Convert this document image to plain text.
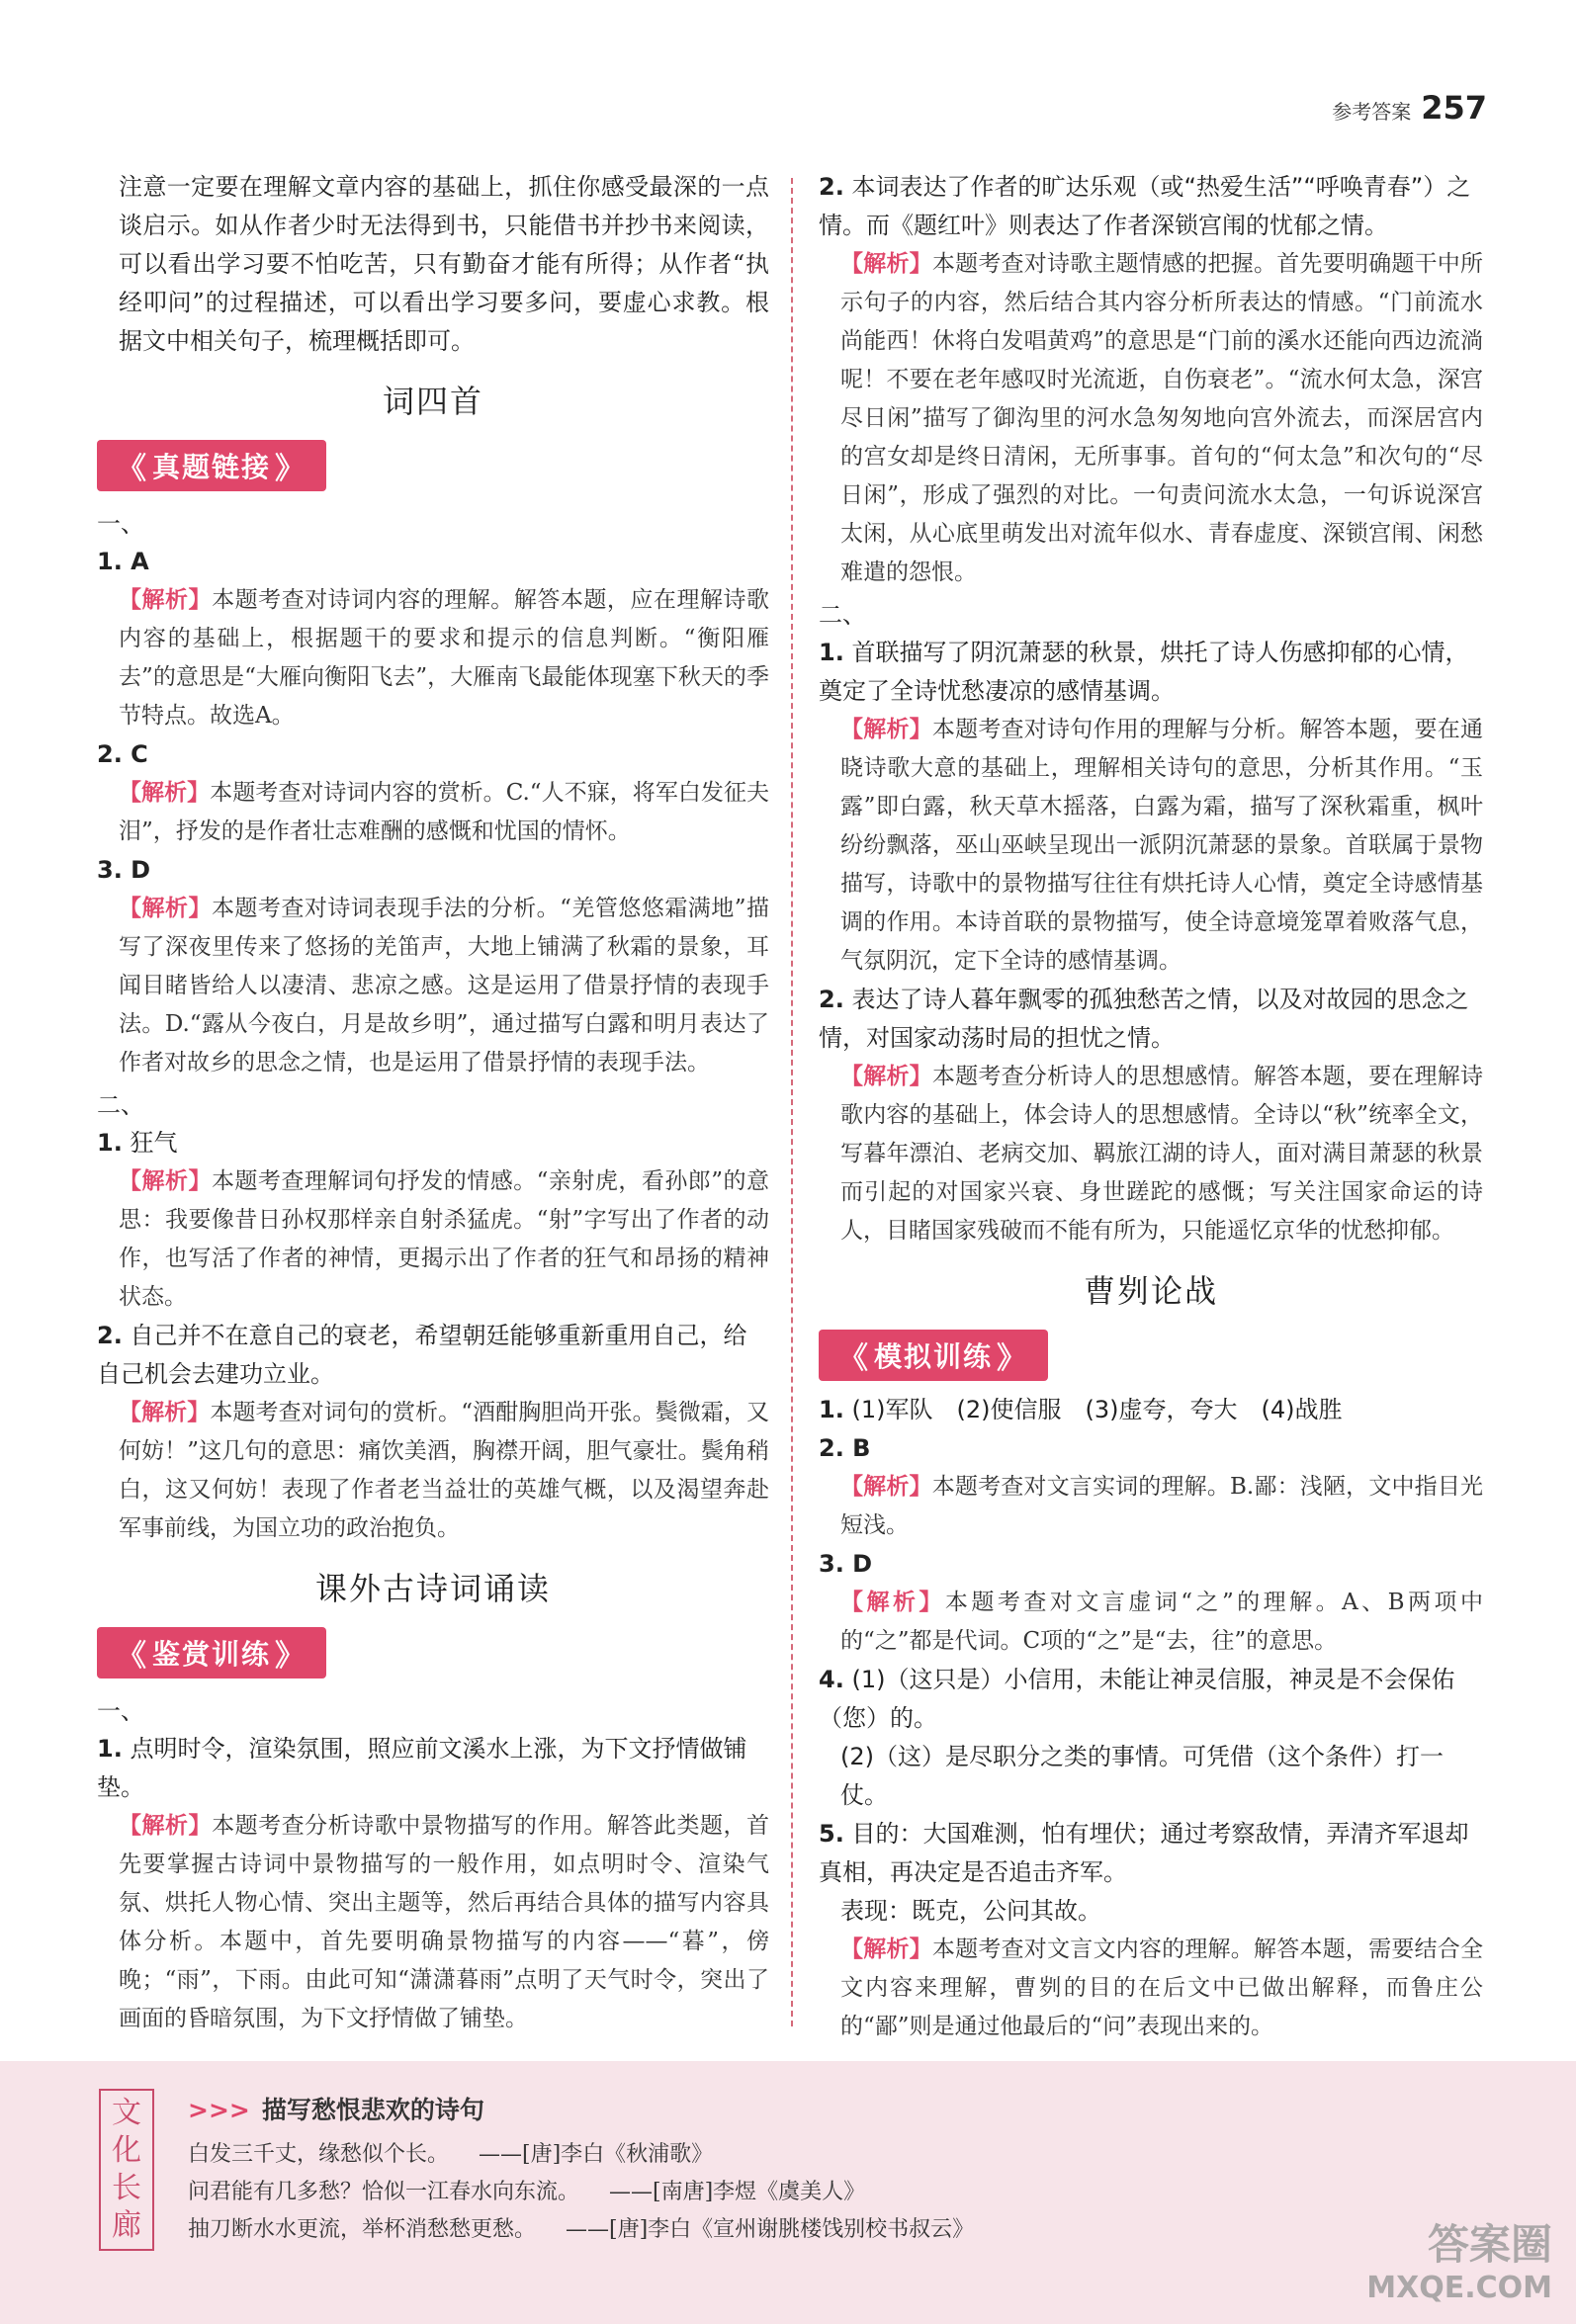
参考答案 257

注意一定要在理解文章内容的基础上，抓住你感受最深的一点谈启示。如从作者少时无法得到书，只能借书并抄书来阅读，可以看出学习要不怕吃苦，只有勤奋才能有所得；从作者“执经叩问”的过程描述，可以看出学习要多问，要虚心求教。根据文中相关句子，梳理概括即可。

词四首
《 真题链接 》

一、

1. A

【解析】本题考查对诗词内容的理解。解答本题，应在理解诗歌内容的基础上，根据题干的要求和提示的信息判断。“衡阳雁去”的意思是“大雁向衡阳飞去”，大雁南飞最能体现塞下秋天的季节特点。故选A。

2. C

【解析】本题考查对诗词内容的赏析。C.“人不寐，将军白发征夫泪”，抒发的是作者壮志难酬的感慨和忧国的情怀。

3. D

【解析】本题考查对诗词表现手法的分析。“羌管悠悠霜满地”描写了深夜里传来了悠扬的羌笛声，大地上铺满了秋霜的景象，耳闻目睹皆给人以凄清、悲凉之感。这是运用了借景抒情的表现手法。D.“露从今夜白，月是故乡明”，通过描写白露和明月表达了作者对故乡的思念之情，也是运用了借景抒情的表现手法。

二、

1. 狂气

【解析】本题考查理解词句抒发的情感。“亲射虎，看孙郎”的意思：我要像昔日孙权那样亲自射杀猛虎。“射”字写出了作者的动作，也写活了作者的神情，更揭示出了作者的狂气和昂扬的精神状态。

2. 自己并不在意自己的衰老，希望朝廷能够重新重用自己，给自己机会去建功立业。

【解析】本题考查对词句的赏析。“酒酣胸胆尚开张。鬓微霜，又何妨！”这几句的意思：痛饮美酒，胸襟开阔，胆气豪壮。鬓角稍白，这又何妨！表现了作者老当益壮的英雄气概，以及渴望奔赴军事前线，为国立功的政治抱负。

课外古诗词诵读
《 鉴赏训练 》

一、

1. 点明时令，渲染氛围，照应前文溪水上涨，为下文抒情做铺垫。

【解析】本题考查分析诗歌中景物描写的作用。解答此类题，首先要掌握古诗词中景物描写的一般作用，如点明时令、渲染气氛、烘托人物心情、突出主题等，然后再结合具体的描写内容具体分析。本题中，首先要明确景物描写的内容——“暮”，傍晚；“雨”，下雨。由此可知“潇潇暮雨”点明了天气时令，突出了画面的昏暗氛围，为下文抒情做了铺垫。

2. 本词表达了作者的旷达乐观（或“热爱生活”“呼唤青春”）之情。而《题红叶》则表达了作者深锁宫闱的忧郁之情。

【解析】本题考查对诗歌主题情感的把握。首先要明确题干中所示句子的内容，然后结合其内容分析所表达的情感。“门前流水尚能西！休将白发唱黄鸡”的意思是“门前的溪水还能向西边流淌呢！不要在老年感叹时光流逝，自伤衰老”。“流水何太急，深宫尽日闲”描写了御沟里的河水急匆匆地向宫外流去，而深居宫内的宫女却是终日清闲，无所事事。首句的“何太急”和次句的“尽日闲”，形成了强烈的对比。一句责问流水太急，一句诉说深宫太闲，从心底里萌发出对流年似水、青春虚度、深锁宫闱、闲愁难遣的怨恨。

二、

1. 首联描写了阴沉萧瑟的秋景，烘托了诗人伤感抑郁的心情，奠定了全诗忧愁凄凉的感情基调。

【解析】本题考查对诗句作用的理解与分析。解答本题，要在通晓诗歌大意的基础上，理解相关诗句的意思，分析其作用。“玉露”即白露，秋天草木摇落，白露为霜，描写了深秋霜重，枫叶纷纷飘落，巫山巫峡呈现出一派阴沉萧瑟的景象。首联属于景物描写，诗歌中的景物描写往往有烘托诗人心情，奠定全诗感情基调的作用。本诗首联的景物描写，使全诗意境笼罩着败落气息，气氛阴沉，定下全诗的感情基调。

2. 表达了诗人暮年飘零的孤独愁苦之情，以及对故园的思念之情，对国家动荡时局的担忧之情。

【解析】本题考查分析诗人的思想感情。解答本题，要在理解诗歌内容的基础上，体会诗人的思想感情。全诗以“秋”统率全文，写暮年漂泊、老病交加、羁旅江湖的诗人，面对满目萧瑟的秋景而引起的对国家兴衰、身世蹉跎的感慨；写关注国家命运的诗人，目睹国家残破而不能有所为，只能遥忆京华的忧愁抑郁。

曹刿论战
《 模拟训练 》

1. (1)军队　(2)使信服　(3)虚夸，夸大　(4)战胜

2. B

【解析】本题考查对文言实词的理解。B.鄙：浅陋，文中指目光短浅。

3. D

【解析】本题考查对文言虚词“之”的理解。A、B两项中的“之”都是代词。C项的“之”是“去，往”的意思。

4. (1)（这只是）小信用，未能让神灵信服，神灵是不会保佑（您）的。

(2)（这）是尽职分之类的事情。可凭借（这个条件）打一仗。

5. 目的：大国难测，怕有埋伏；通过考察敌情，弄清齐军退却真相，再决定是否追击齐军。

表现：既克，公问其故。

【解析】本题考查对文言文内容的理解。解答本题，需要结合全文内容来理解，曹刿的目的在后文中已做出解释，而鲁庄公的“鄙”则是通过他最后的“问”表现出来的。

文
化
长
廊
>>> 描写愁恨悲欢的诗句
白发三千丈，缘愁似个长。 ——[唐]李白《秋浦歌》
问君能有几多愁？恰似一江春水向东流。 ——[南唐]李煜《虞美人》
抽刀断水水更流，举杯消愁愁更愁。 ——[唐]李白《宣州谢朓楼饯别校书叔云》	答案圈
MXQE.COM
